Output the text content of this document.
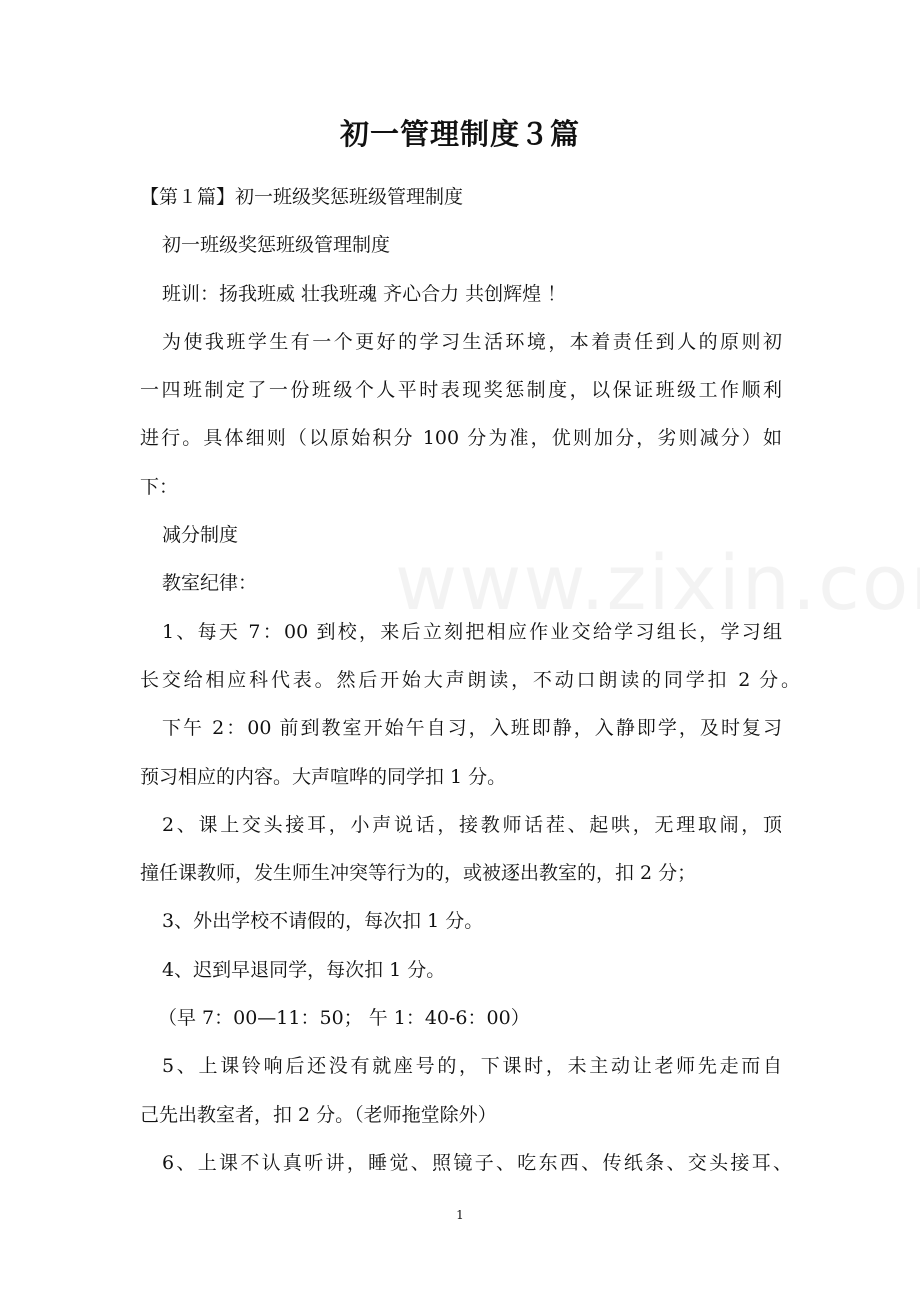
初一管理制度３篇
【第１篇】初一班级奖惩班级管理制度
初一班级奖惩班级管理制度
班训：扬我班威 壮我班魂 齐心合力 共创辉煌 ！
为使我班学生有一个更好的学习生活环境，本着责任到人的原则初
一四班制定了一份班级个人平时表现奖惩制度，以保证班级工作顺利
进行。具体细则（以原始积分 100 分为准，优则加分，劣则减分）如
下：
减分制度
教室纪律：
1、每天 7：00 到校，来后立刻把相应作业交给学习组长，学习组
长交给相应科代表。然后开始大声朗读，不动口朗读的同学扣 2 分。
下午 2：00 前到教室开始午自习，入班即静，入静即学，及时复习
预习相应的内容。大声喧哗的同学扣 1 分。
2、课上交头接耳，小声说话，接教师话茬、起哄，无理取闹，顶
撞任课教师，发生师生冲突等行为的，或被逐出教室的，扣 2 分；
3、外出学校不请假的，每次扣 1 分。
4、迟到早退同学，每次扣 1 分。
（早 7：00—11：50； 午 1：40-6：00）
5、上课铃响后还没有就座号的，下课时，未主动让老师先走而自
己先出教室者，扣 2 分。（老师拖堂除外）
6、上课不认真听讲，睡觉、照镜子、吃东西、传纸条、交头接耳、
1
